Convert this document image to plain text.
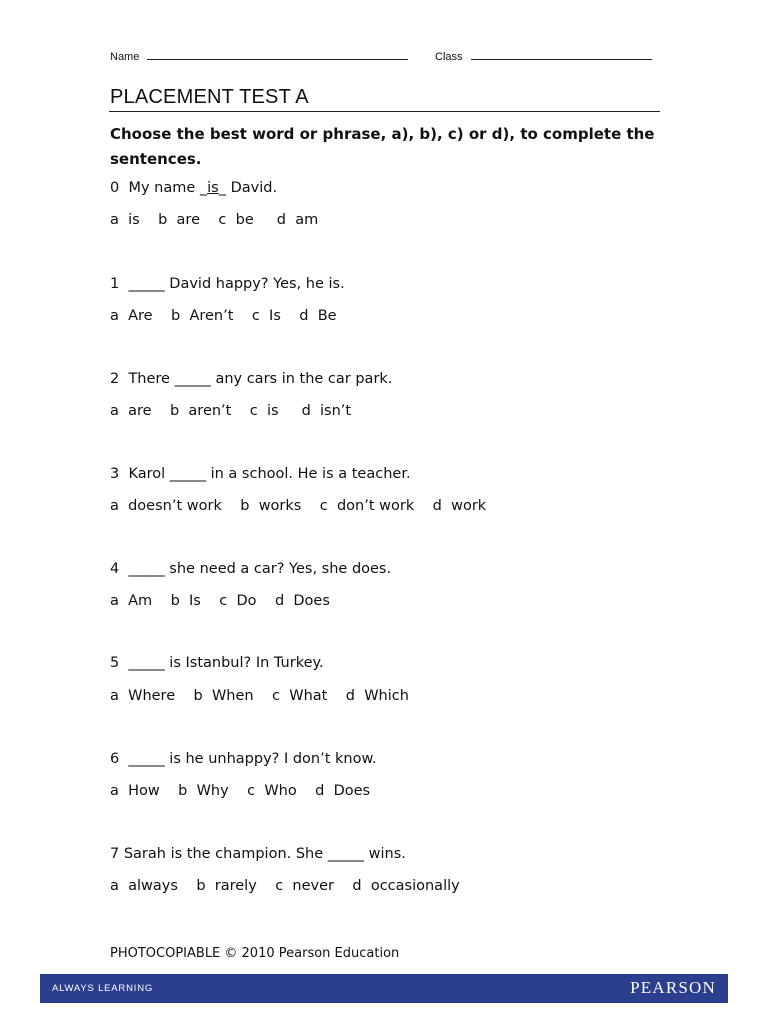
Name	Class
PLACEMENT TEST A
Choose the best word or phrase, a), b), c) or d), to complete the sentences.
0  My name _is_ David.
a  is    b  are    c  be     d  am
1  _____ David happy? Yes, he is.
a  Are    b  Aren’t    c  Is    d  Be
2  There _____ any cars in the car park.
a  are    b  aren’t    c  is     d  isn’t
3  Karol _____ in a school. He is a teacher.
a  doesn’t work    b  works    c  don’t work    d  work
4  _____ she need a car? Yes, she does.
a  Am    b  Is    c  Do    d  Does
5  _____ is Istanbul? In Turkey.
a  Where    b  When    c  What    d  Which
6  _____ is he unhappy? I don’t know.
a  How    b  Why    c  Who    d  Does
7 Sarah is the champion. She _____ wins.
a  always    b  rarely    c  never    d  occasionally
PHOTOCOPIABLE © 2010 Pearson Education
ALWAYS LEARNING	PEARSON
